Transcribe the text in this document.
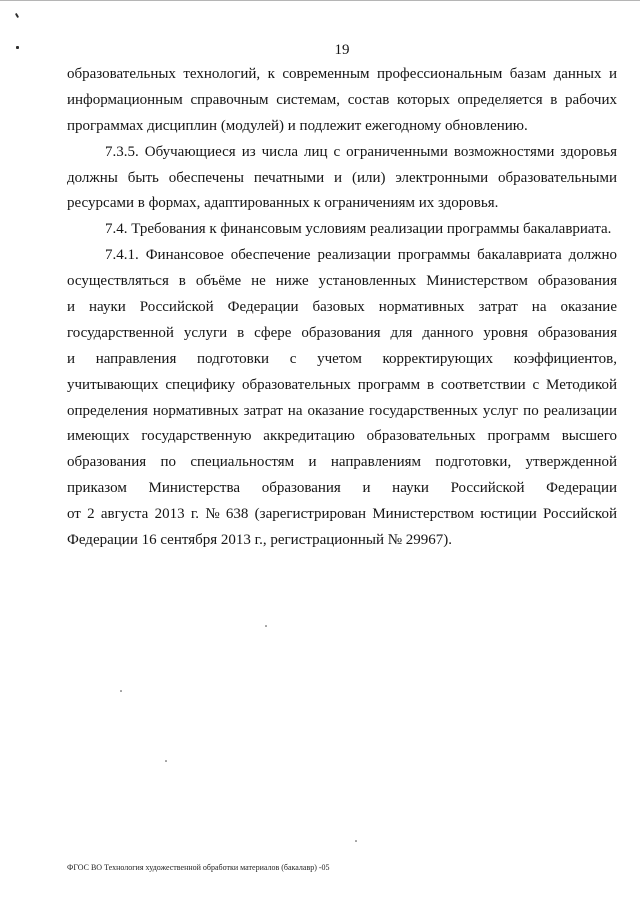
19
образовательных технологий, к современным профессиональным базам данных и
информационным справочным системам, состав которых определяется в рабочих
программах дисциплин (модулей) и подлежит ежегодному обновлению.
7.3.5. Обучающиеся из числа лиц с ограниченными возможностями здоровья
должны быть обеспечены печатными и (или) электронными образовательными
ресурсами в формах, адаптированных к ограничениям их здоровья.
7.4. Требования к финансовым условиям реализации программы бакалавриата.
7.4.1. Финансовое обеспечение реализации программы бакалавриата должно
осуществляться в объёме не ниже установленных Министерством образования
и науки Российской Федерации базовых нормативных затрат на оказание
государственной услуги в сфере образования для данного уровня образования
и направления подготовки с учетом корректирующих коэффициентов,
учитывающих специфику образовательных программ в соответствии с Методикой
определения нормативных затрат на оказание государственных услуг по реализации
имеющих государственную аккредитацию образовательных программ высшего
образования по специальностям и направлениям подготовки, утвержденной
приказом Министерства образования и науки Российской Федерации
от 2 августа 2013 г. № 638 (зарегистрирован Министерством юстиции Российской
Федерации 16 сентября 2013 г., регистрационный № 29967).
ФГОС ВО Технология художественной обработки материалов (бакалавр) -05
